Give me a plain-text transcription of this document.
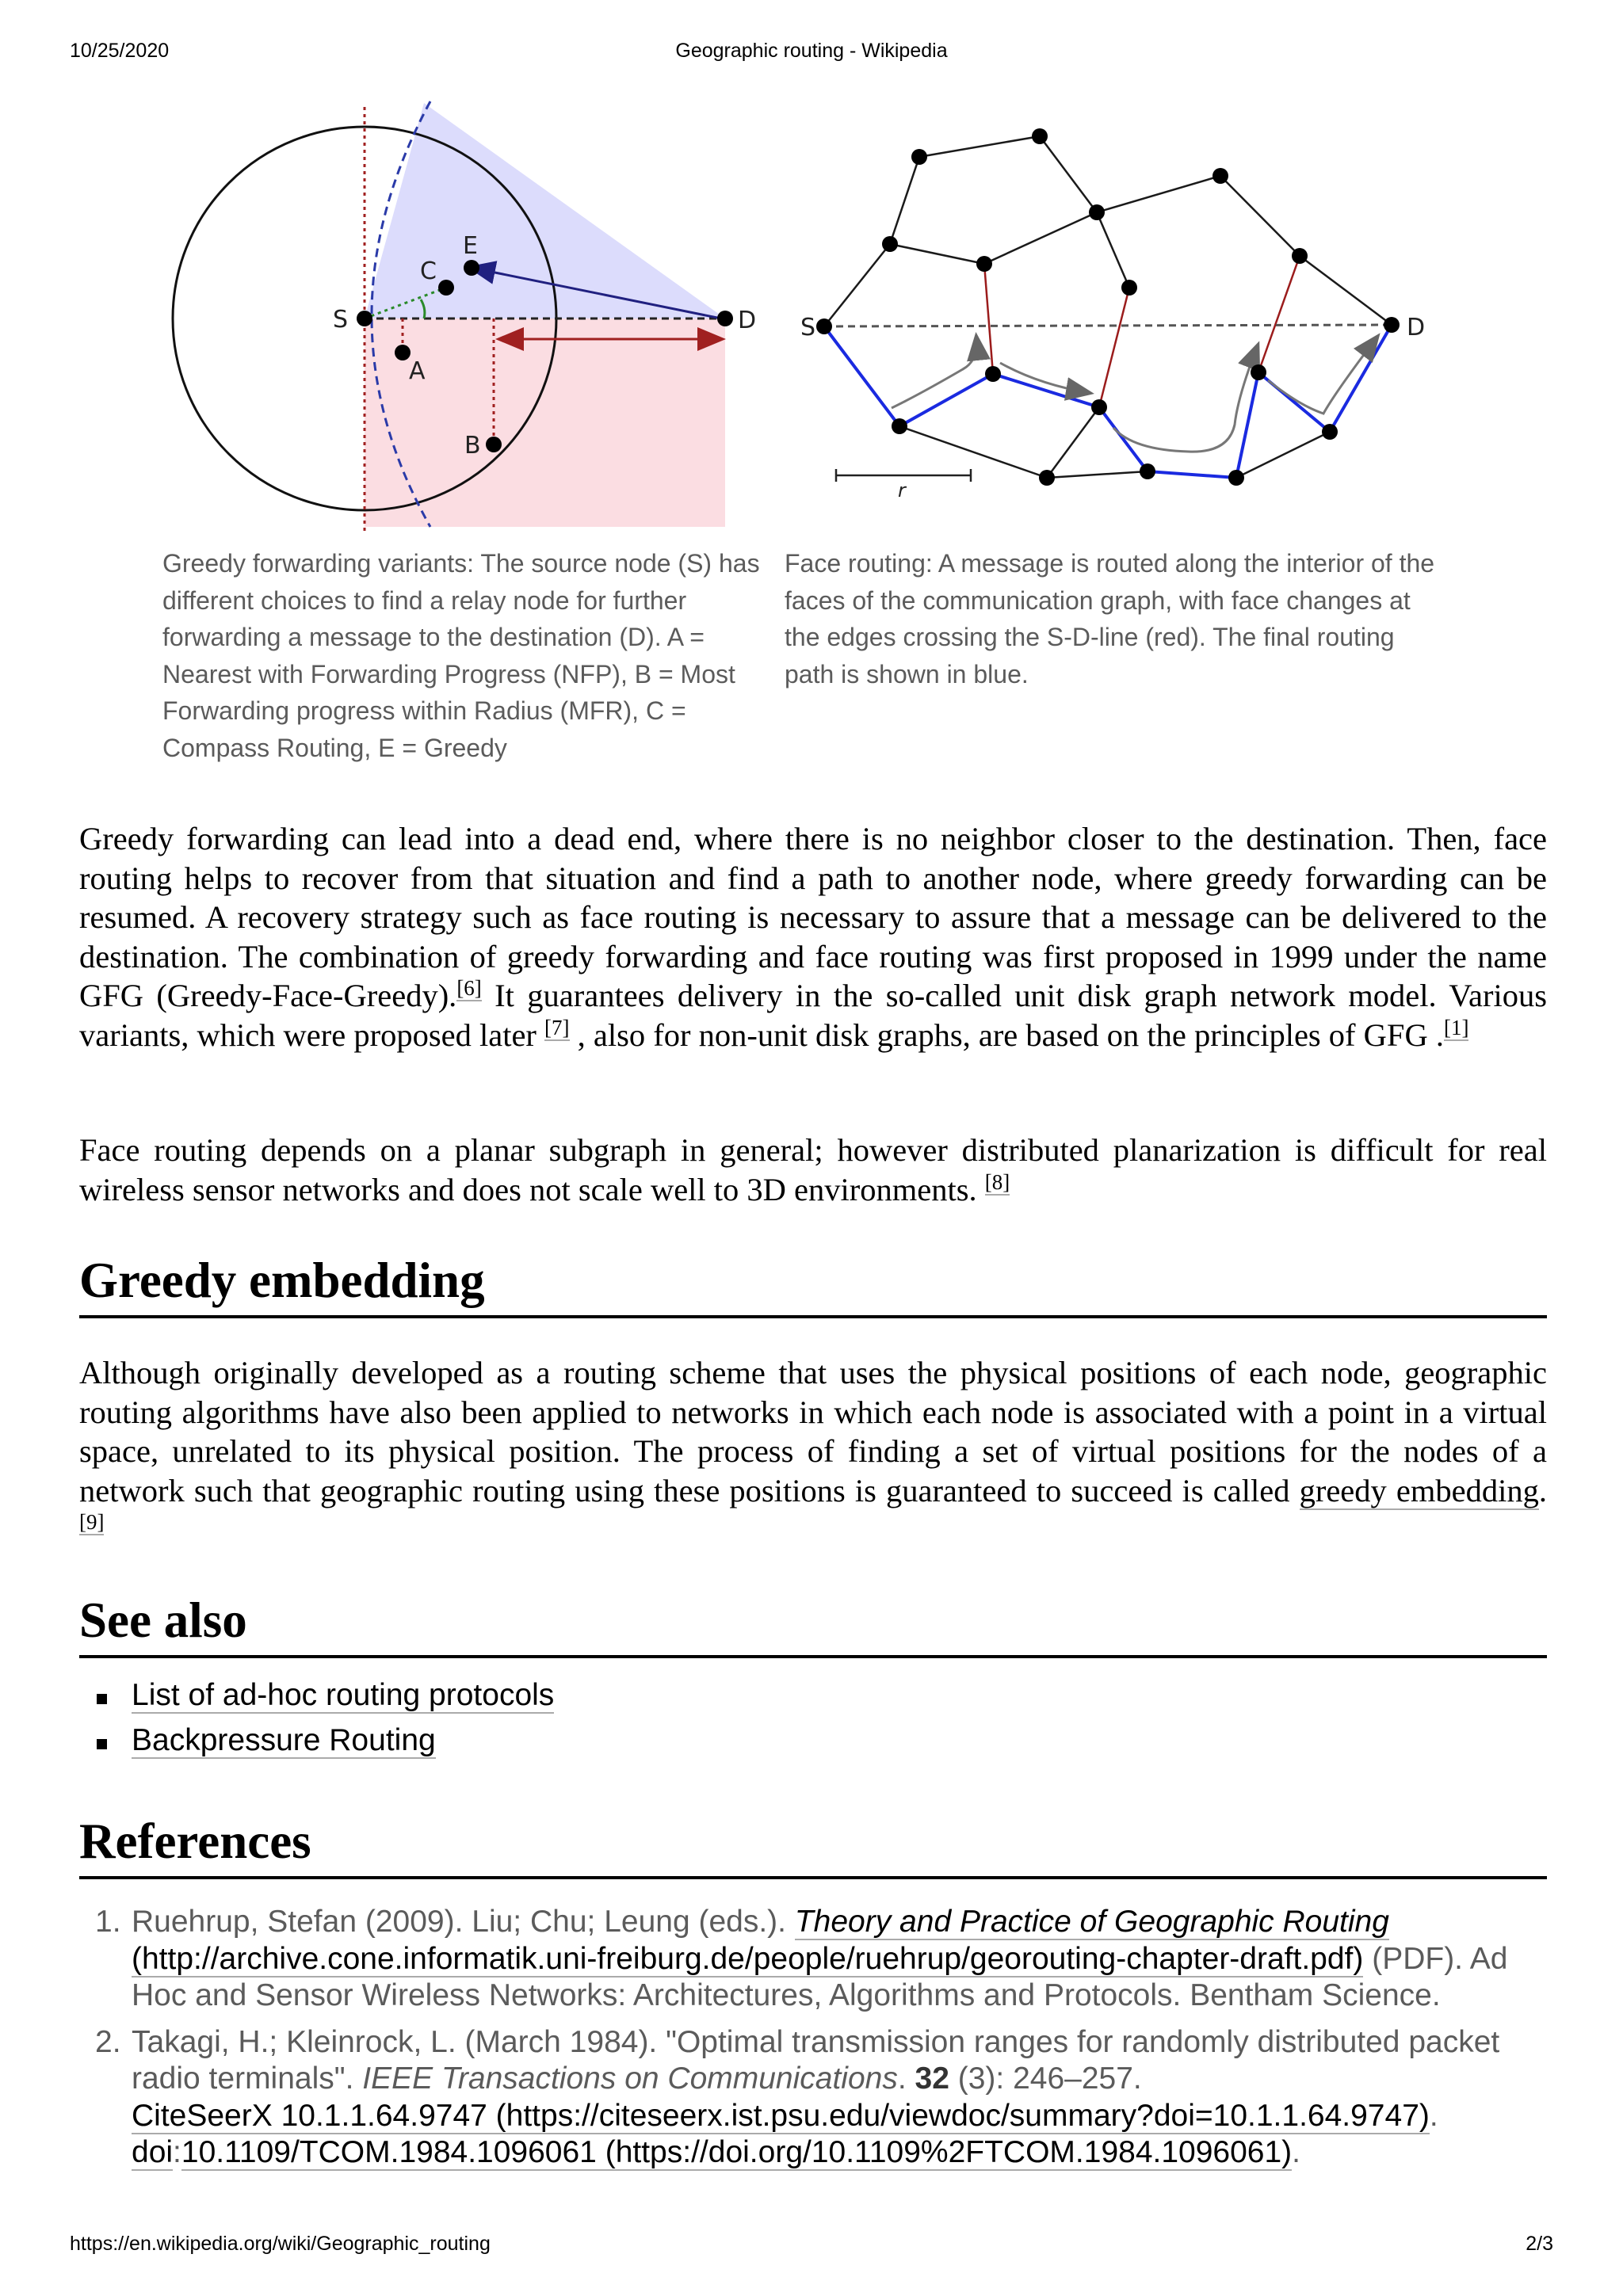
10/25/2020	Geographic routing - Wikipedia
S	D
A
B
C
E
Greedy forwarding variants: The source node (S) has different choices to find a relay node for further forwarding a message to the destination (D). A = Nearest with Forwarding Progress (NFP), B = Most Forwarding progress within Radius (MFR), C = Compass Routing, E = Greedy
S	D
r
Face routing: A message is routed along the interior of the faces of the communication graph, with face changes at the edges crossing the S-D-line (red). The final routing path is shown in blue.
Greedy forwarding can lead into a dead end, where there is no neighbor closer to the destination. Then, face routing helps to recover from that situation and find a path to another node, where greedy forwarding can be resumed. A recovery strategy such as face routing is necessary to assure that a message can be delivered to the destination. The combination of greedy forwarding and face routing was first proposed in 1999 under the name GFG (Greedy-Face-Greedy).[6] It guarantees delivery in the so-called unit disk graph network model. Various variants, which were proposed later [7] , also for non-unit disk graphs, are based on the principles of GFG .[1]
Face routing depends on a planar subgraph in general; however distributed planarization is difficult for real wireless sensor networks and does not scale well to 3D environments. [8]
Greedy embedding
Although originally developed as a routing scheme that uses the physical positions of each node, geographic routing algorithms have also been applied to networks in which each node is associated with a point in a virtual space, unrelated to its physical position. The process of finding a set of virtual positions for the nodes of a network such that geographic routing using these positions is guaranteed to succeed is called greedy embedding.[9]
See also
List of ad-hoc routing protocols
Backpressure Routing
References
1. Ruehrup, Stefan (2009). Liu; Chu; Leung (eds.). Theory and Practice of Geographic Routing (http://archive.cone.informatik.uni-freiburg.de/people/ruehrup/georouting-chapter-draft.pdf) (PDF). Ad Hoc and Sensor Wireless Networks: Architectures, Algorithms and Protocols. Bentham Science.
2. Takagi, H.; Kleinrock, L. (March 1984). "Optimal transmission ranges for randomly distributed packet radio terminals". IEEE Transactions on Communications. 32 (3): 246–257.
CiteSeerX 10.1.1.64.9747 (https://citeseerx.ist.psu.edu/viewdoc/summary?doi=10.1.1.64.9747).
doi:10.1109/TCOM.1984.1096061 (https://doi.org/10.1109%2FTCOM.1984.1096061).
https://en.wikipedia.org/wiki/Geographic_routing	2/3
